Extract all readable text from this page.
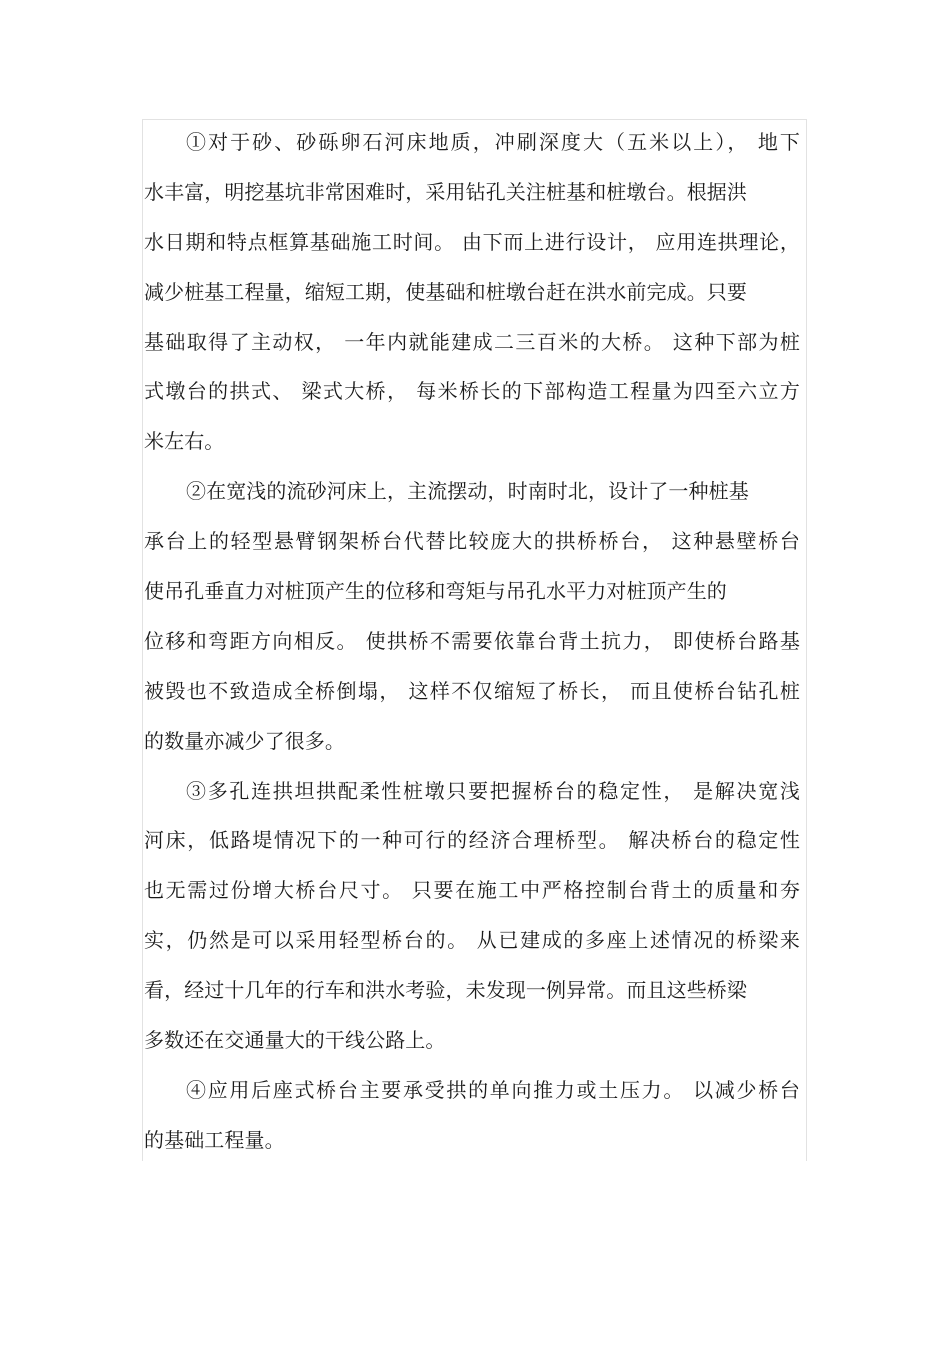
①对于砂、砂砾卵石河床地质，冲刷深度大（五米以上）， 地下
水丰富，明挖基坑非常困难时，采用钻孔关注桩基和桩墩台。根据洪
水日期和特点框算基础施工时间。 由下而上进行设计， 应用连拱理论，
减少桩基工程量，缩短工期，使基础和桩墩台赶在洪水前完成。只要
基础取得了主动权， 一年内就能建成二三百米的大桥。 这种下部为桩
式墩台的拱式、 梁式大桥， 每米桥长的下部构造工程量为四至六立方
米左右。
②在宽浅的流砂河床上，主流摆动，时南时北，设计了一种桩基
承台上的轻型悬臂钢架桥台代替比较庞大的拱桥桥台， 这种悬壁桥台
使吊孔垂直力对桩顶产生的位移和弯矩与吊孔水平力对桩顶产生的
位移和弯距方向相反。 使拱桥不需要依靠台背土抗力， 即使桥台路基
被毁也不致造成全桥倒塌， 这样不仅缩短了桥长， 而且使桥台钻孔桩
的数量亦减少了很多。
③多孔连拱坦拱配柔性桩墩只要把握桥台的稳定性， 是解决宽浅
河床，低路堤情况下的一种可行的经济合理桥型。 解决桥台的稳定性
也无需过份增大桥台尺寸。 只要在施工中严格控制台背土的质量和夯
实，仍然是可以采用轻型桥台的。 从已建成的多座上述情况的桥梁来
看，经过十几年的行车和洪水考验，未发现一例异常。而且这些桥梁
多数还在交通量大的干线公路上。
④应用后座式桥台主要承受拱的单向推力或土压力。 以减少桥台
的基础工程量。
